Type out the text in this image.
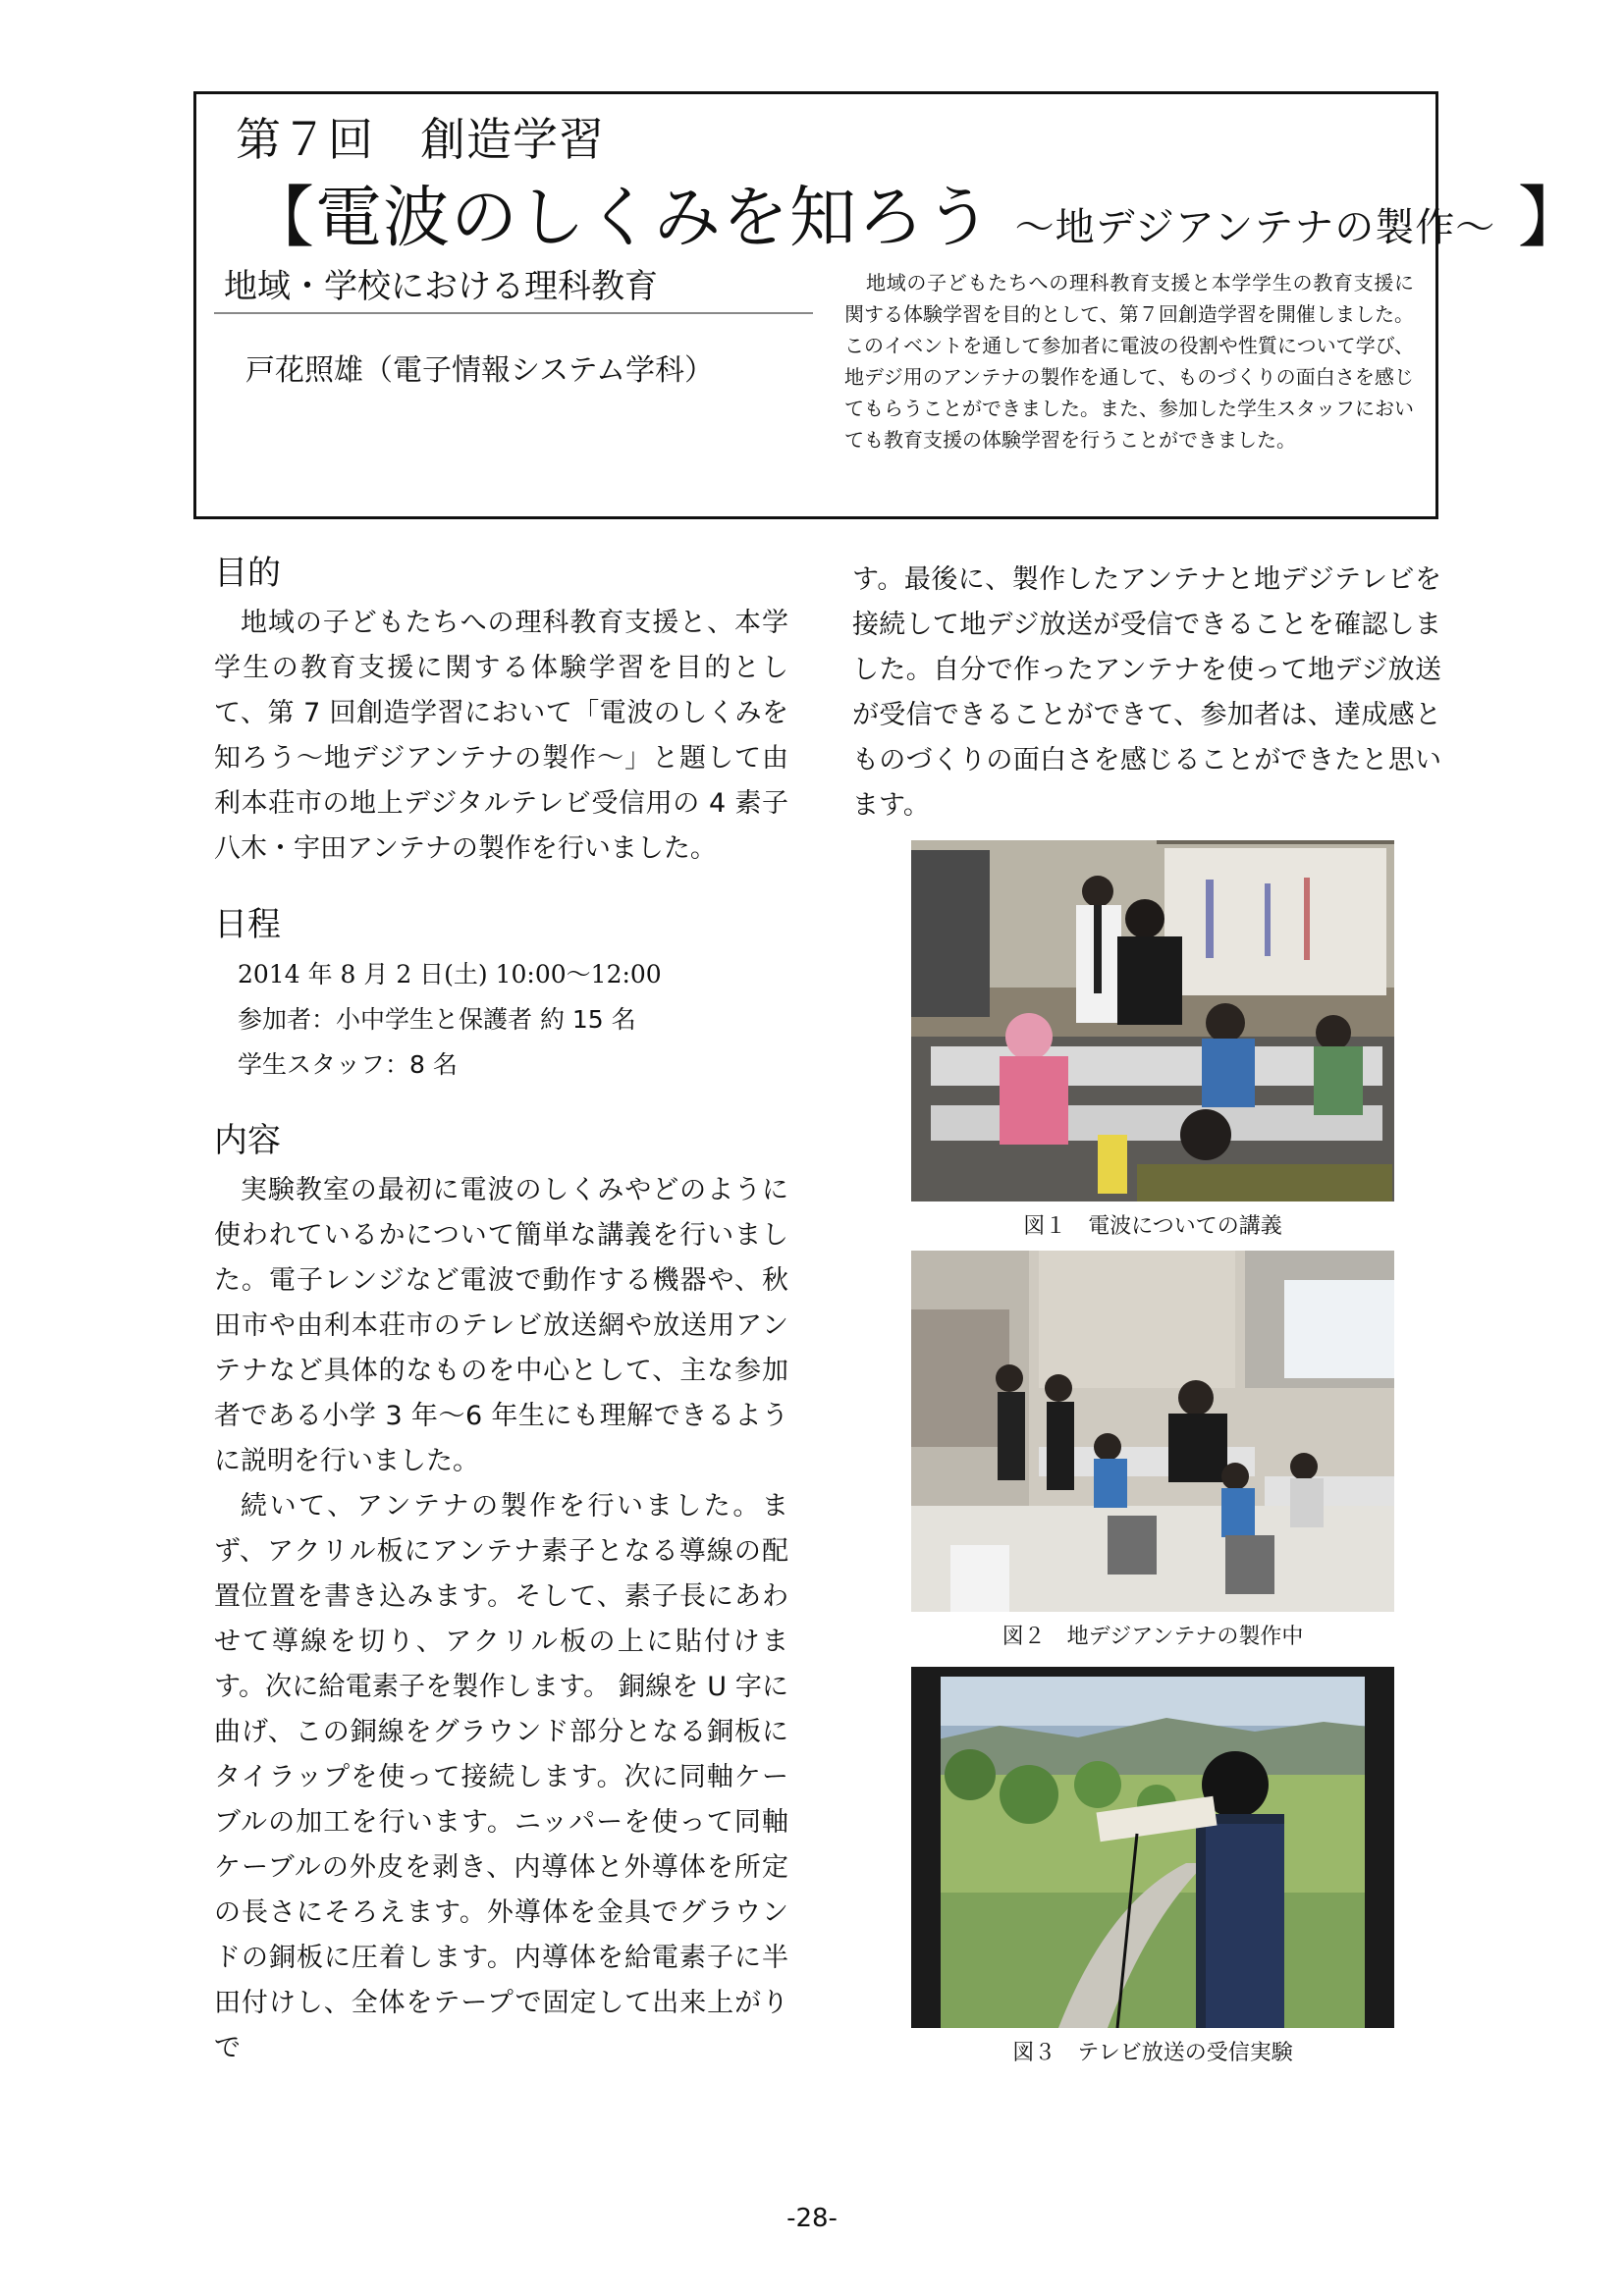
第７回　創造学習
【電波のしくみを知ろう ～地デジアンテナの製作～ 】
地域・学校における理科教育
戸花照雄（電子情報システム学科）

地域の子どもたちへの理科教育支援と本学学生の教育支援に関する体験学習を目的として、第７回創造学習を開催しました。このイベントを通して参加者に電波の役割や性質について学び、地デジ用のアンテナの製作を通して、ものづくりの面白さを感じてもらうことができました。また、参加した学生スタッフにおいても教育支援の体験学習を行うことができました。

目的

地域の子どもたちへの理科教育支援と、本学学生の教育支援に関する体験学習を目的として、第 7 回創造学習において「電波のしくみを知ろう～地デジアンテナの製作～」と題して由利本荘市の地上デジタルテレビ受信用の 4 素子八木・宇田アンテナの製作を行いました。

日程

2014 年 8 月 2 日(土) 10:00～12:00

参加者：小中学生と保護者 約 15 名

学生スタッフ：8 名

内容

実験教室の最初に電波のしくみやどのように使われているかについて簡単な講義を行いました。電子レンジなど電波で動作する機器や、秋田市や由利本荘市のテレビ放送網や放送用アンテナなど具体的なものを中心として、主な参加者である小学 3 年～6 年生にも理解できるように説明を行いました。

続いて、アンテナの製作を行いました。まず、アクリル板にアンテナ素子となる導線の配置位置を書き込みます。そして、素子長にあわせて導線を切り、アクリル板の上に貼付けます。次に給電素子を製作します。 銅線を U 字に曲げ、この銅線をグラウンド部分となる銅板にタイラップを使って接続します。次に同軸ケーブルの加工を行います。ニッパーを使って同軸ケーブルの外皮を剥き、内導体と外導体を所定の長さにそろえます。外導体を金具でグラウンドの銅板に圧着します。内導体を給電素子に半田付けし、全体をテープで固定して出来上がりで

す。最後に、製作したアンテナと地デジテレビを接続して地デジ放送が受信できることを確認しました。自分で作ったアンテナを使って地デジ放送が受信できることができて、参加者は、達成感とものづくりの面白さを感じることができたと思います。

図１　電波についての講義
図２　地デジアンテナの製作中
図３　テレビ放送の受信実験
-28-
